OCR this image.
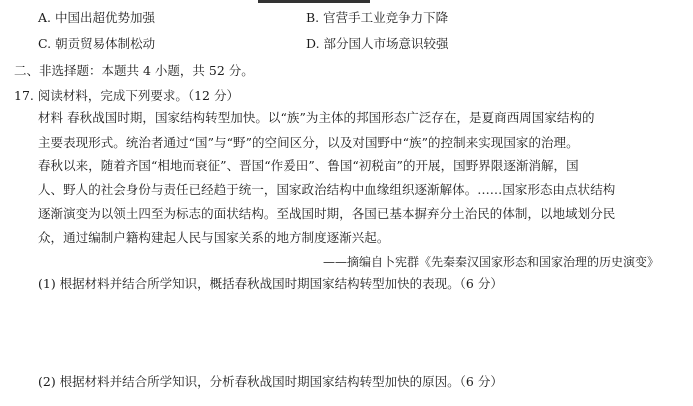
A. 中国出超优势加强	B. 官营手工业竞争力下降
C. 朝贡贸易体制松动	D. 部分国人市场意识较强
二、非选择题：本题共 4 小题，共 52 分。
17. 阅读材料，完成下列要求。（12 分）
材料 春秋战国时期，国家结构转型加快。以“族”为主体的邦国形态广泛存在，是夏商西周国家结构的
主要表现形式。统治者通过“国”与“野”的空间区分，以及对国野中“族”的控制来实现国家的治理。
春秋以来，随着齐国“相地而衰征”、晋国“作爰田”、鲁国“初税亩”的开展，国野界限逐渐消解，国
人、野人的社会身份与责任已经趋于统一，国家政治结构中血缘组织逐渐解体。……国家形态由点状结构
逐渐演变为以领土四至为标志的面状结构。至战国时期，各国已基本摒弃分土治民的体制，以地域划分民
众，通过编制户籍构建起人民与国家关系的地方制度逐渐兴起。
——摘编自卜宪群《先秦秦汉国家形态和国家治理的历史演变》
(1) 根据材料并结合所学知识，概括春秋战国时期国家结构转型加快的表现。（6 分）
(2) 根据材料并结合所学知识，分析春秋战国时期国家结构转型加快的原因。（6 分）
